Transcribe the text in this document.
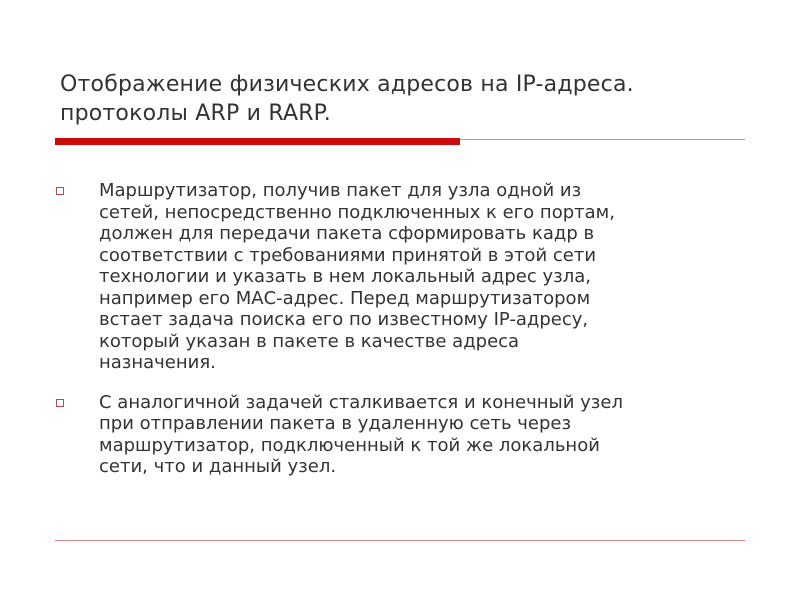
Отображение физических адресов на IP-адреса.
протоколы ARP и RARP.
Маршрутизатор, получив пакет для узла одной из
сетей, непосредственно подключенных к его портам,
должен для передачи пакета сформировать кадр в
соответствии с требованиями принятой в этой сети
технологии и указать в нем локальный адрес узла,
например его МАС-адрес. Перед маршрутизатором
встает задача поиска его по известному IP-адресу,
который указан в пакете в качестве адреса
назначения.
С аналогичной задачей сталкивается и конечный узел
при отправлении пакета в удаленную сеть через
маршрутизатор, подключенный к той же локальной
сети, что и данный узел.
